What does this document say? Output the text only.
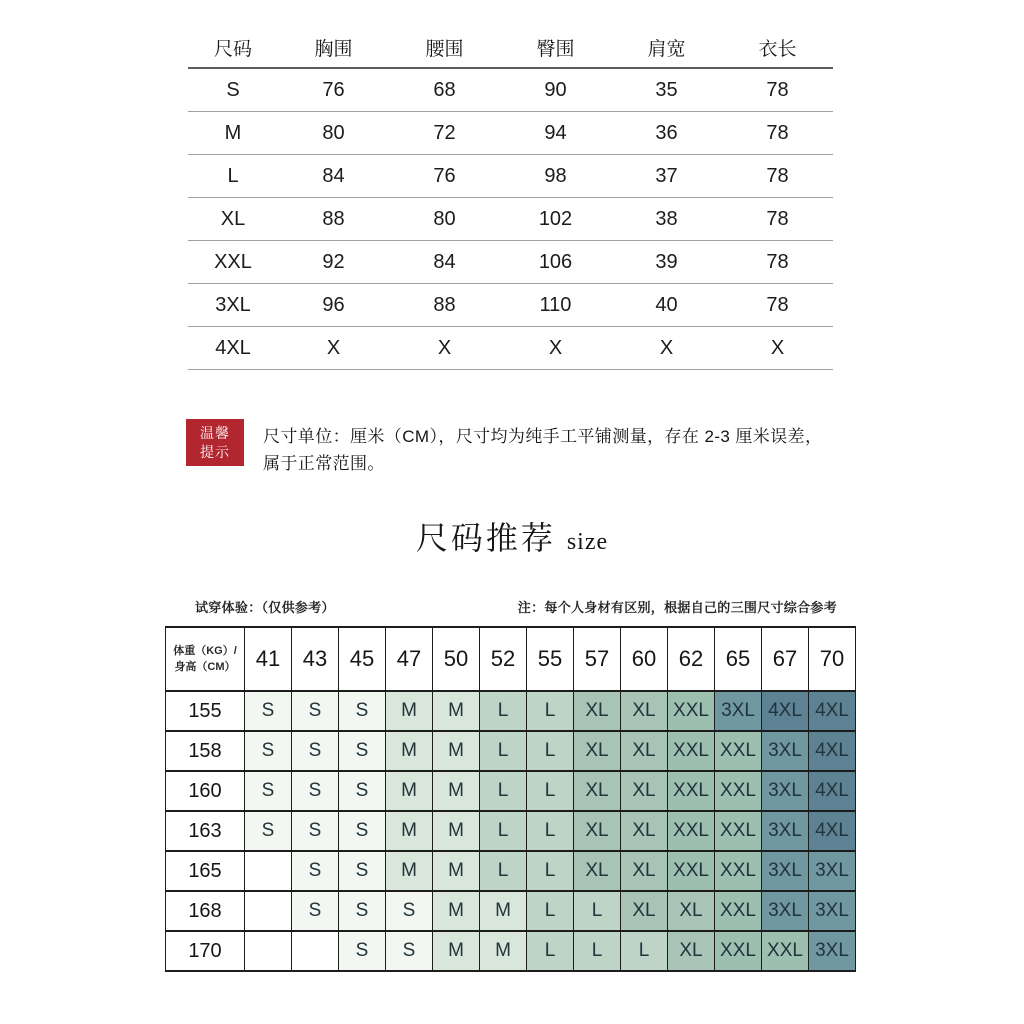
尺码	胸围	腰围	臀围	肩宽	衣长
S	76	68	90	35	78
M	80	72	94	36	78
L	84	76	98	37	78
XL	88	80	102	38	78
XXL	92	84	106	39	78
3XL	96	88	110	40	78
4XL	X	X	X	X	X
温馨
提示
尺寸单位：厘米（CM），尺寸均为纯手工平铺测量，存在 2-3 厘米误差，
属于正常范围。
尺码推荐 size
试穿体验：（仅供参考）	注：每个人身材有区别，根据自己的三围尺寸综合参考
体重（KG）/
身高（CM）	41	43	45	47	50	52	55	57	60	62	65	67	70
155	S	S	S	M	M	L	L	XL	XL	XXL	3XL	4XL	4XL
158	S	S	S	M	M	L	L	XL	XL	XXL	XXL	3XL	4XL
160	S	S	S	M	M	L	L	XL	XL	XXL	XXL	3XL	4XL
163	S	S	S	M	M	L	L	XL	XL	XXL	XXL	3XL	4XL
165		S	S	M	M	L	L	XL	XL	XXL	XXL	3XL	3XL
168		S	S	S	M	M	L	L	XL	XL	XXL	3XL	3XL
170			S	S	M	M	L	L	L	XL	XXL	XXL	3XL
